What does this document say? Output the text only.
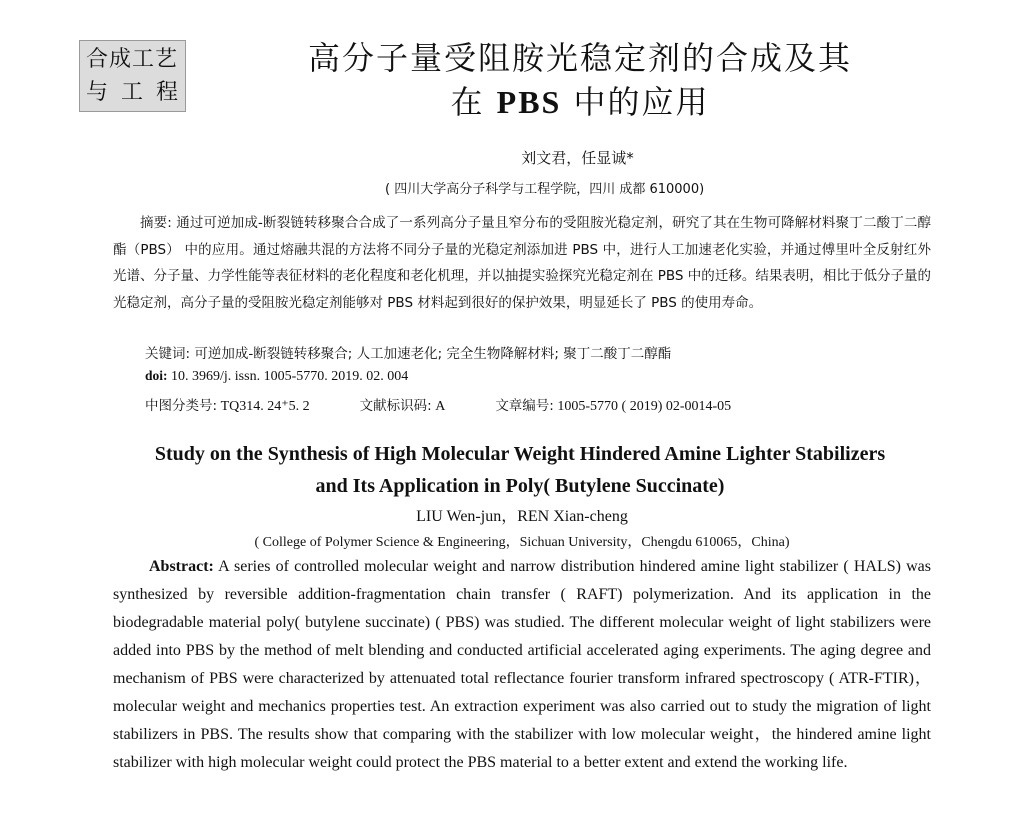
合成工艺
与工程
高分子量受阻胺光稳定剂的合成及其
在 PBS 中的应用
刘文君，任显诚*
( 四川大学高分子科学与工程学院，四川 成都 610000)
摘要: 通过可逆加成-断裂链转移聚合合成了一系列高分子量且窄分布的受阻胺光稳定剂，研究了其在生物可降解材料聚丁二酸丁二醇酯（PBS） 中的应用。通过熔融共混的方法将不同分子量的光稳定剂添加进 PBS 中，进行人工加速老化实验，并通过傅里叶全反射红外光谱、分子量、力学性能等表征材料的老化程度和老化机理，并以抽提实验探究光稳定剂在 PBS 中的迁移。结果表明，相比于低分子量的光稳定剂，高分子量的受阻胺光稳定剂能够对 PBS 材料起到很好的保护效果，明显延长了 PBS 的使用寿命。
关键词: 可逆加成-断裂链转移聚合; 人工加速老化; 完全生物降解材料; 聚丁二酸丁二醇酯
doi: 10. 3969/j. issn. 1005-5770. 2019. 02. 004
中图分类号: TQ314. 24⁺5. 2	文献标识码: A	文章编号: 1005-5770 ( 2019) 02-0014-05
Study on the Synthesis of High Molecular Weight Hindered Amine Lighter Stabilizers
and Its Application in Poly( Butylene Succinate)
LIU Wen-jun，REN Xian-cheng
( College of Polymer Science & Engineering，Sichuan University，Chengdu 610065，China)
Abstract: A series of controlled molecular weight and narrow distribution hindered amine light stabilizer ( HALS) was synthesized by reversible addition-fragmentation chain transfer ( RAFT) polymerization. And its application in the biodegradable material poly( butylene succinate) ( PBS) was studied. The different molecular weight of light stabilizers were added into PBS by the method of melt blending and conducted artificial accelerated aging experiments. The aging degree and mechanism of PBS were characterized by attenuated total reflectance fourier transform infrared spectroscopy ( ATR-FTIR)，molecular weight and mechanics properties test. An extraction experiment was also carried out to study the migration of light stabilizers in PBS. The results show that comparing with the stabilizer with low molecular weight，the hindered amine light stabilizer with high molecular weight could protect the PBS material to a better extent and extend the working life.
